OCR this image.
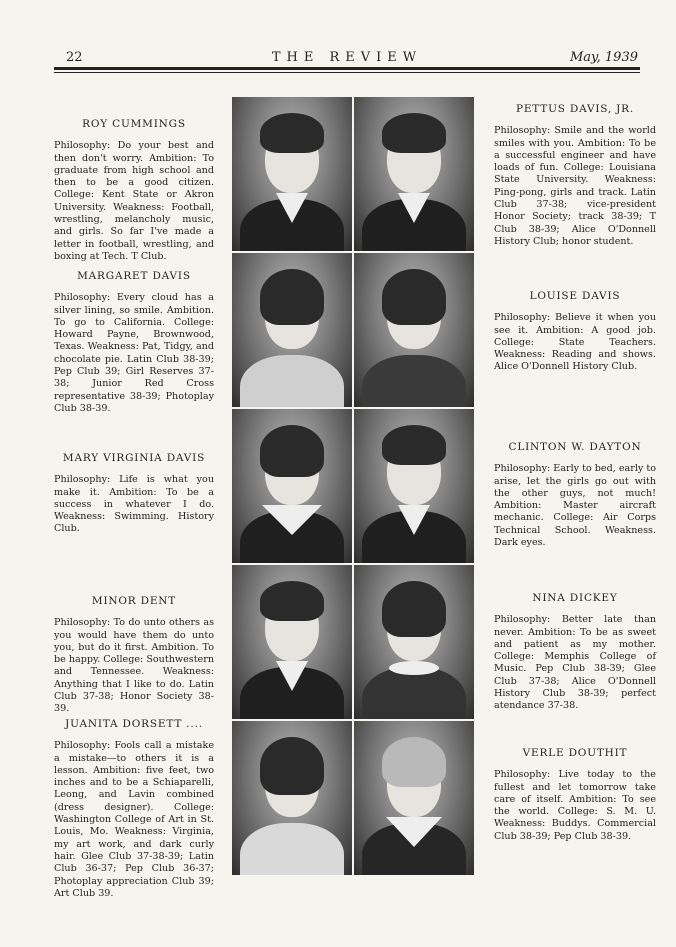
22	THE REVIEW	May, 1939
ROY CUMMINGS

Philosophy: Do your best and then don't worry. Ambition: To graduate from high school and then to be a good citizen. College: Kent State or Akron University. Weakness: Football, wrestling, melancholy music, and girls. So far I've made a letter in football, wrestling, and boxing at Tech. T Club.

MARGARET DAVIS

Philosophy: Every cloud has a silver lining, so smile. Ambition. To go to California. College: Howard Payne, Brownwood, Texas. Weakness: Pat, Tidgy, and chocolate pie. Latin Club 38-39; Pep Club 39; Girl Reserves 37-38; Junior Red Cross representative 38-39; Photoplay Club 38-39.

MARY VIRGINIA DAVIS

Philosophy: Life is what you make it. Ambition: To be a success in whatever I do. Weakness: Swimming. History Club.

MINOR DENT

Philosophy: To do unto others as you would have them do unto you, but do it first. Ambition. To be happy. College: Southwestern and Tennessee. Weakness: Anything that I like to do. Latin Club 37-38; Honor Society 38-39.

JUANITA DORSETT ....

Philosophy: Fools call a mistake a mistake—to others it is a lesson. Ambition: five feet, two inches and to be a Schiaparelli, Leong, and Lavin combined (dress designer). College: Washington College of Art in St. Louis, Mo. Weakness: Virginia, my art work, and dark curly hair. Glee Club 37-38-39; Latin Club 36-37; Pep Club 36-37; Photoplay appreciation Club 39; Art Club 39.

PETTUS DAVIS, JR.

Philosophy: Smile and the world smiles with you. Ambition: To be a successful engineer and have loads of fun. College: Louisiana State University. Weakness: Ping-pong, girls and track. Latin Club 37-38; vice-president Honor Society; track 38-39; T Club 38-39; Alice O'Donnell History Club; honor student.

LOUISE DAVIS

Philosophy: Believe it when you see it. Ambition: A good job. College: State Teachers. Weakness: Reading and shows. Alice O'Donnell History Club.

CLINTON W. DAYTON

Philosophy: Early to bed, early to arise, let the girls go out with the other guys, not much! Ambition: Master aircraft mechanic. College: Air Corps Technical School. Weakness. Dark eyes.

NINA DICKEY

Philosophy: Better late than never. Ambition: To be as sweet and patient as my mother. College: Memphis College of Music. Pep Club 38-39; Glee Club 37-38; Alice O'Donnell History Club 38-39; perfect atendance 37-38.

VERLE DOUTHIT

Philosophy: Live today to the fullest and let tomorrow take care of itself. Ambition: To see the world. College: S. M. U. Weakness: Buddys. Commercial Club 38-39; Pep Club 38-39.
